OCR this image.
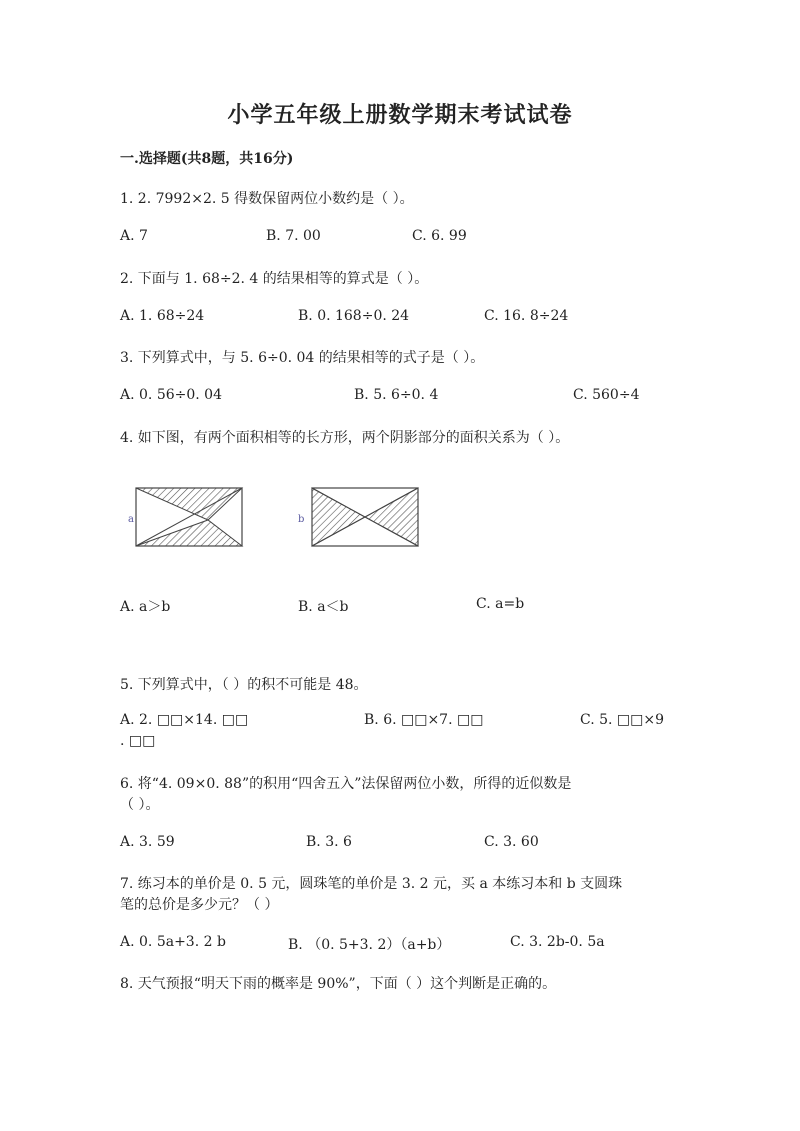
小学五年级上册数学期末考试试卷
一.选择题(共8题，共16分)
1. 2. 7992×2. 5 得数保留两位小数约是（ ）。
A. 7	B. 7. 00	C. 6. 99
2. 下面与 1. 68÷2. 4 的结果相等的算式是（ ）。
A. 1. 68÷24	B. 0. 168÷0. 24	C. 16. 8÷24
3. 下列算式中，与 5. 6÷0. 04 的结果相等的式子是（ ）。
A. 0. 56÷0. 04	B. 5. 6÷0. 4	C. 560÷4
4. 如下图，有两个面积相等的长方形，两个阴影部分的面积关系为（ ）。
a	b
A. a＞b	B. a＜b	C. a=b
5. 下列算式中，（ ）的积不可能是 48。
A. 2. □□×14. □□	B. 6. □□×7. □□	C. 5. □□×9
. □□
6. 将“4. 09×0. 88”的积用“四舍五入”法保留两位小数，所得的近似数是
（ ）。
A. 3. 59	B. 3. 6	C. 3. 60
7. 练习本的单价是 0. 5 元，圆珠笔的单价是 3. 2 元，买 a 本练习本和 b 支圆珠
笔的总价是多少元？（ ）
A. 0. 5a+3. 2 b	B. （0. 5+3. 2）（a+b）	C. 3. 2b-0. 5a
8. 天气预报“明天下雨的概率是 90%”，下面（ ）这个判断是正确的。
